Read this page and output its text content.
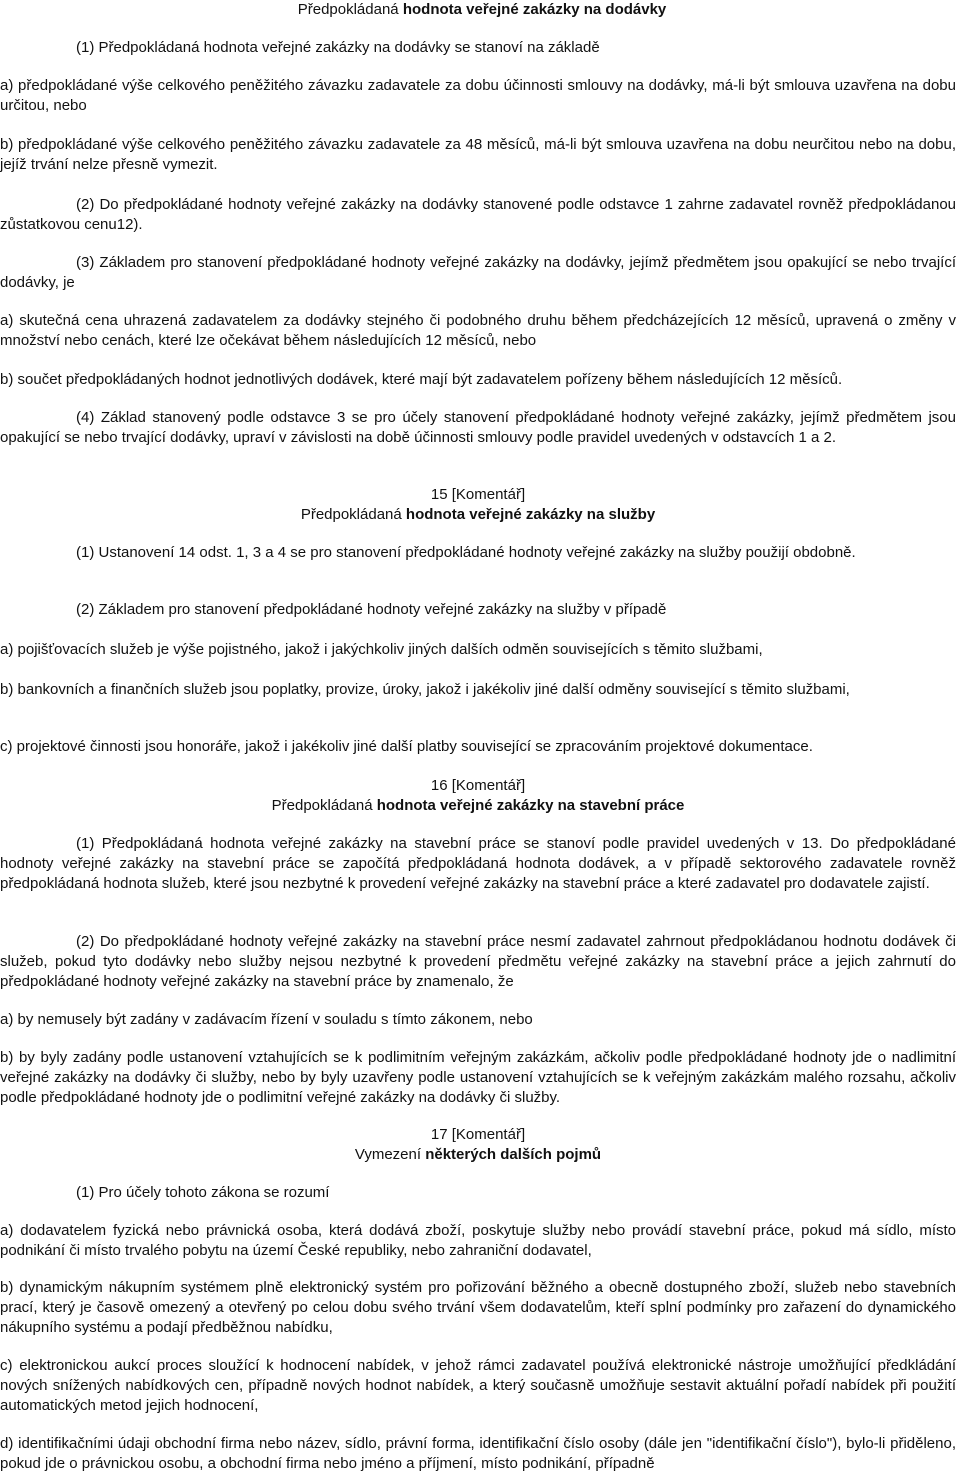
Předpokládaná hodnota veřejné zakázky na dodávky

(1) Předpokládaná hodnota veřejné zakázky na dodávky se stanoví na základě

a) předpokládané výše celkového peněžitého závazku zadavatele za dobu účinnosti smlouvy na dodávky, má-li být smlouva uzavřena na dobu určitou, nebo

b) předpokládané výše celkového peněžitého závazku zadavatele za 48 měsíců, má-li být smlouva uzavřena na dobu neurčitou nebo na dobu, jejíž trvání nelze přesně vymezit.

(2) Do předpokládané hodnoty veřejné zakázky na dodávky stanovené podle odstavce 1 zahrne zadavatel rovněž předpokládanou zůstatkovou cenu12).

(3) Základem pro stanovení předpokládané hodnoty veřejné zakázky na dodávky, jejímž předmětem jsou opakující se nebo trvající dodávky, je

a) skutečná cena uhrazená zadavatelem za dodávky stejného či podobného druhu během předcházejících 12 měsíců, upravená o změny v množství nebo cenách, které lze očekávat během následujících 12 měsíců, nebo

b) součet předpokládaných hodnot jednotlivých dodávek, které mají být zadavatelem pořízeny během následujících 12 měsíců.

(4) Základ stanovený podle odstavce 3 se pro účely stanovení předpokládané hodnoty veřejné zakázky, jejímž předmětem jsou opakující se nebo trvající dodávky, upraví v závislosti na době účinnosti smlouvy podle pravidel uvedených v odstavcích 1 a 2.

15 [Komentář]

Předpokládaná hodnota veřejné zakázky na služby

(1) Ustanovení 14 odst. 1, 3 a 4 se pro stanovení předpokládané hodnoty veřejné zakázky na služby použijí obdobně.

(2) Základem pro stanovení předpokládané hodnoty veřejné zakázky na služby v případě

a) pojišťovacích služeb je výše pojistného, jakož i jakýchkoliv jiných dalších odměn souvisejících s těmito službami,

b) bankovních a finančních služeb jsou poplatky, provize, úroky, jakož i jakékoliv jiné další odměny související s těmito službami,

c) projektové činnosti jsou honoráře, jakož i jakékoliv jiné další platby související se zpracováním projektové dokumentace.

16 [Komentář]

Předpokládaná hodnota veřejné zakázky na stavební práce

(1) Předpokládaná hodnota veřejné zakázky na stavební práce se stanoví podle pravidel uvedených v 13. Do předpokládané hodnoty veřejné zakázky na stavební práce se započítá předpokládaná hodnota dodávek, a v případě sektorového zadavatele rovněž předpokládaná hodnota služeb, které jsou nezbytné k provedení veřejné zakázky na stavební práce a které zadavatel pro dodavatele zajistí.

(2) Do předpokládané hodnoty veřejné zakázky na stavební práce nesmí zadavatel zahrnout předpokládanou hodnotu dodávek či služeb, pokud tyto dodávky nebo služby nejsou nezbytné k provedení předmětu veřejné zakázky na stavební práce a jejich zahrnutí do předpokládané hodnoty veřejné zakázky na stavební práce by znamenalo, že

a) by nemusely být zadány v zadávacím řízení v souladu s tímto zákonem, nebo

b) by byly zadány podle ustanovení vztahujících se k podlimitním veřejným zakázkám, ačkoliv podle předpokládané hodnoty jde o nadlimitní veřejné zakázky na dodávky či služby, nebo by byly uzavřeny podle ustanovení vztahujících se k veřejným zakázkám malého rozsahu, ačkoliv podle předpokládané hodnoty jde o podlimitní veřejné zakázky na dodávky či služby.

17 [Komentář]

Vymezení některých dalších pojmů

(1) Pro účely tohoto zákona se rozumí

a) dodavatelem fyzická nebo právnická osoba, která dodává zboží, poskytuje služby nebo provádí stavební práce, pokud má sídlo, místo podnikání či místo trvalého pobytu na území České republiky, nebo zahraniční dodavatel,

b) dynamickým nákupním systémem plně elektronický systém pro pořizování běžného a obecně dostupného zboží, služeb nebo stavebních prací, který je časově omezený a otevřený po celou dobu svého trvání všem dodavatelům, kteří splní podmínky pro zařazení do dynamického nákupního systému a podají předběžnou nabídku,

c) elektronickou aukcí proces sloužící k hodnocení nabídek, v jehož rámci zadavatel používá elektronické nástroje umožňující předkládání nových snížených nabídkových cen, případně nových hodnot nabídek, a který současně umožňuje sestavit aktuální pořadí nabídek při použití automatických metod jejich hodnocení,

d) identifikačními údaji obchodní firma nebo název, sídlo, právní forma, identifikační číslo osoby (dále jen "identifikační číslo"), bylo-li přiděleno, pokud jde o právnickou osobu, a obchodní firma nebo jméno a příjmení, místo podnikání, případně
